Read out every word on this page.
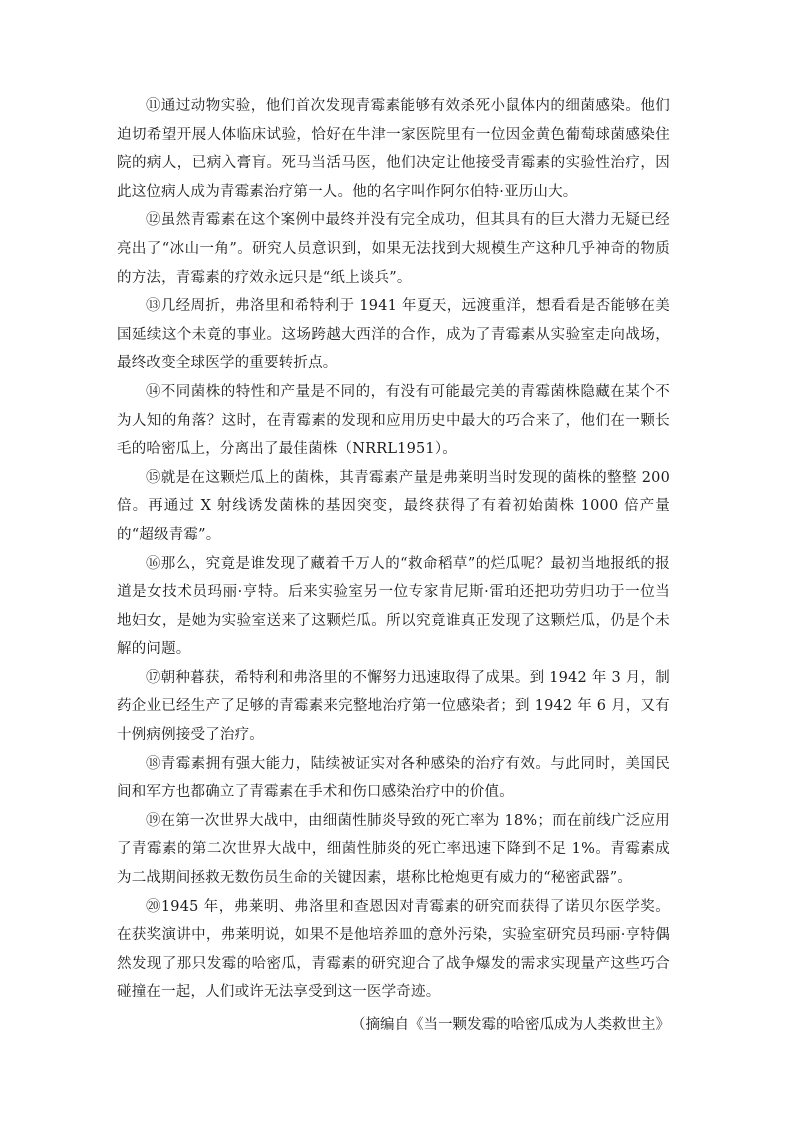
⑪通过动物实验，他们首次发现青霉素能够有效杀死小鼠体内的细菌感染。他们迫切希望开展人体临床试验，恰好在牛津一家医院里有一位因金黄色葡萄球菌感染住院的病人，已病入膏肓。死马当活马医，他们决定让他接受青霉素的实验性治疗，因此这位病人成为青霉素治疗第一人。他的名字叫作阿尔伯特·亚历山大。

⑫虽然青霉素在这个案例中最终并没有完全成功，但其具有的巨大潜力无疑已经亮出了“冰山一角”。研究人员意识到，如果无法找到大规模生产这种几乎神奇的物质的方法，青霉素的疗效永远只是“纸上谈兵”。

⑬几经周折，弗洛里和希特利于 1941 年夏天，远渡重洋，想看看是否能够在美国延续这个未竟的事业。这场跨越大西洋的合作，成为了青霉素从实验室走向战场，最终改变全球医学的重要转折点。

⑭不同菌株的特性和产量是不同的，有没有可能最完美的青霉菌株隐藏在某个不为人知的角落？这时，在青霉素的发现和应用历史中最大的巧合来了，他们在一颗长毛的哈密瓜上，分离出了最佳菌株（NRRL1951）。

⑮就是在这颗烂瓜上的菌株，其青霉素产量是弗莱明当时发现的菌株的整整 200 倍。再通过 X 射线诱发菌株的基因突变，最终获得了有着初始菌株 1000 倍产量的“超级青霉”。

⑯那么，究竟是谁发现了藏着千万人的“救命稻草”的烂瓜呢？最初当地报纸的报道是女技术员玛丽·亨特。后来实验室另一位专家肯尼斯·雷珀还把功劳归功于一位当地妇女，是她为实验室送来了这颗烂瓜。所以究竟谁真正发现了这颗烂瓜，仍是个未解的问题。

⑰朝种暮获，希特利和弗洛里的不懈努力迅速取得了成果。到 1942 年 3 月，制药企业已经生产了足够的青霉素来完整地治疗第一位感染者；到 1942 年 6 月，又有十例病例接受了治疗。

⑱青霉素拥有强大能力，陆续被证实对各种感染的治疗有效。与此同时，美国民间和军方也都确立了青霉素在手术和伤口感染治疗中的价值。

⑲在第一次世界大战中，由细菌性肺炎导致的死亡率为 18%；而在前线广泛应用了青霉素的第二次世界大战中，细菌性肺炎的死亡率迅速下降到不足 1%。青霉素成为二战期间拯救无数伤员生命的关键因素，堪称比枪炮更有威力的“秘密武器”。

⑳1945 年，弗莱明、弗洛里和查恩因对青霉素的研究而获得了诺贝尔医学奖。在获奖演讲中，弗莱明说，如果不是他培养皿的意外污染，实验室研究员玛丽·亨特偶然发现了那只发霉的哈密瓜，青霉素的研究迎合了战争爆发的需求实现量产这些巧合碰撞在一起，人们或许无法享受到这一医学奇迹。

（摘编自《当一颗发霉的哈密瓜成为人类救世主》
